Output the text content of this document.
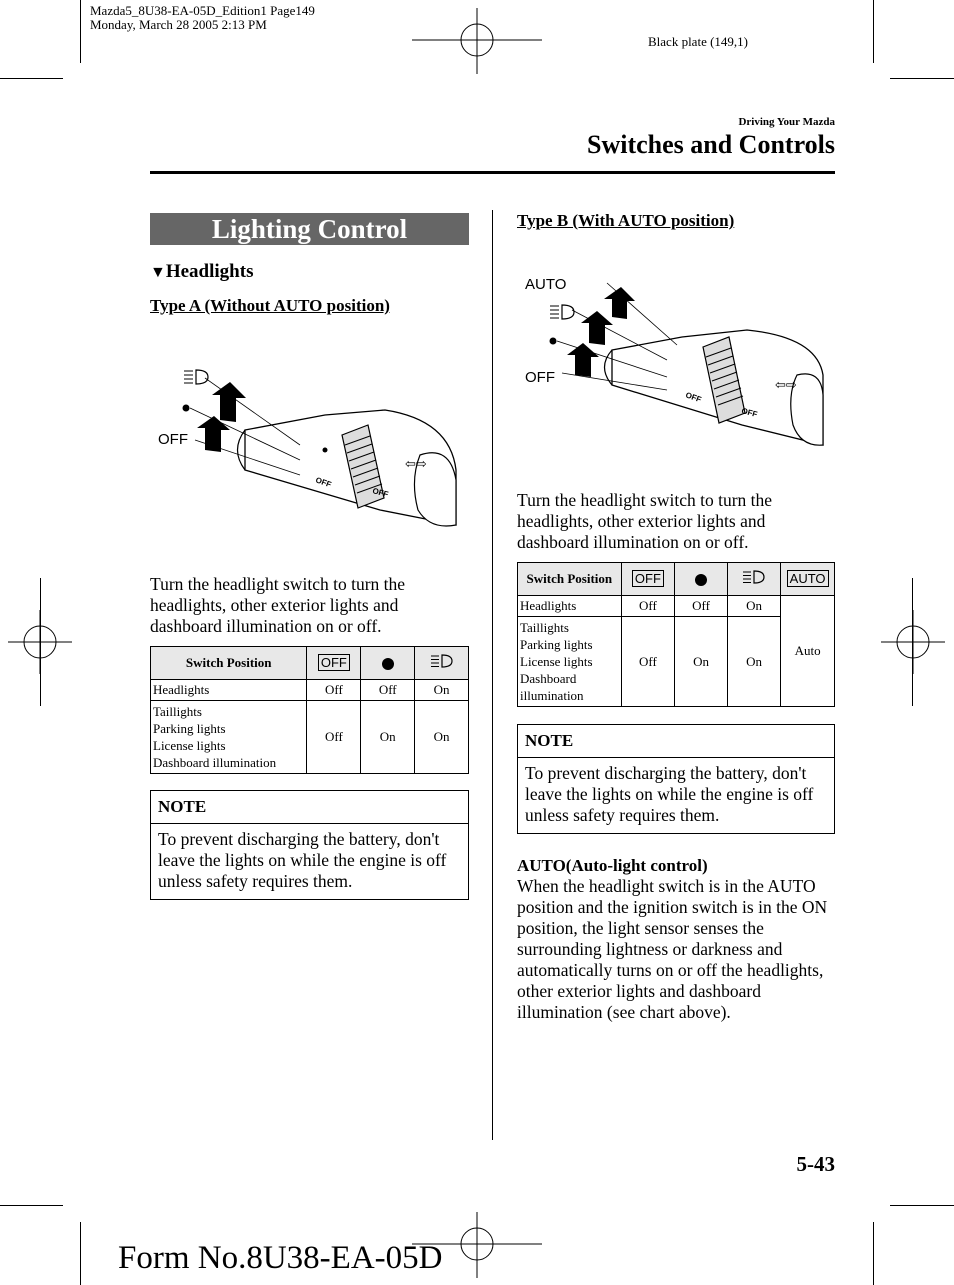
Mazda5_8U38-EA-05D_Edition1 Page149
Monday, March 28 2005 2:13 PM
Black plate (149,1)
Driving Your Mazda
Switches and Controls
Lighting Control
▼Headlights
Type A (Without AUTO position)
OFF
OFF
⇦⇨
OFF
Turn the headlight switch to turn the headlights, other exterior lights and dashboard illumination on or off.
Switch Position	OFF		
Headlights	Off	Off	On

Taillights
Parking lights
License lights
Dashboard illumination	Off	On	On
NOTE
To prevent discharging the battery, don't leave the lights on while the engine is off unless safety requires them.
Type B (With AUTO position)
OFF
OFF
⇦⇨
AUTO
OFF
Turn the headlight switch to turn the headlights, other exterior lights and dashboard illumination on or off.
Switch Position	OFF			AUTO
Headlights	Off	Off	On	Auto

Taillights
Parking lights
License lights
Dashboard
illumination	Off	On	On	
NOTE
To prevent discharging the battery, don't leave the lights on while the engine is off unless safety requires them.
AUTO(Auto-light control)
When the headlight switch is in the AUTO position and the ignition switch is in the ON position, the light sensor senses the surrounding lightness or darkness and automatically turns on or off the headlights, other exterior lights and dashboard illumination (see chart above).
5-43
Form No.8U38-EA-05D
